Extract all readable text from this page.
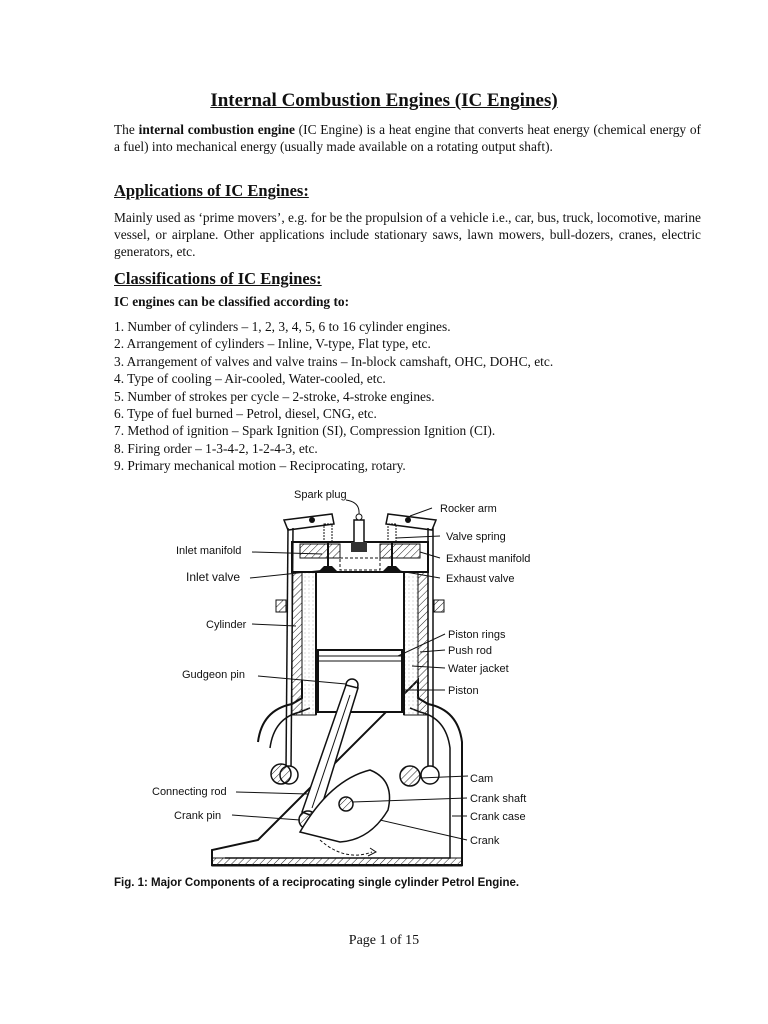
Internal Combustion Engines (IC Engines)
The internal combustion engine (IC Engine) is a heat engine that converts heat energy (chemical energy of a fuel) into mechanical energy (usually made available on a rotating output shaft).
Applications of IC Engines:
Mainly used as ‘prime movers’, e.g. for be the propulsion of a vehicle i.e., car, bus, truck, locomotive, marine vessel, or airplane. Other applications include stationary saws, lawn mowers, bull-dozers, cranes, electric generators, etc.
Classifications of IC Engines:
IC engines can be classified according to:
1. Number of cylinders – 1, 2, 3, 4, 5, 6 to 16 cylinder engines.
2. Arrangement of cylinders – Inline, V-type, Flat type, etc.
3. Arrangement of valves and valve trains – In-block camshaft, OHC, DOHC, etc.
4. Type of cooling – Air-cooled, Water-cooled, etc.
5. Number of strokes per cycle – 2-stroke, 4-stroke engines.
6. Type of fuel burned – Petrol, diesel, CNG, etc.
7. Method of ignition – Spark Ignition (SI), Compression Ignition (CI).
8. Firing order – 1-3-4-2, 1-2-4-3, etc.
9. Primary mechanical motion – Reciprocating, rotary.
Spark plug
Rocker arm
Valve spring
Inlet manifold
Exhaust manifold
Inlet valve	Exhaust valve
Cylinder
Piston rings
Push rod
Water jacket
Gudgeon pin
Piston
Cam
Connecting rod
Crank shaft
Crank pin	Crank case
Crank
Fig. 1: Major Components of a reciprocating single cylinder Petrol Engine.
Page 1 of 15
